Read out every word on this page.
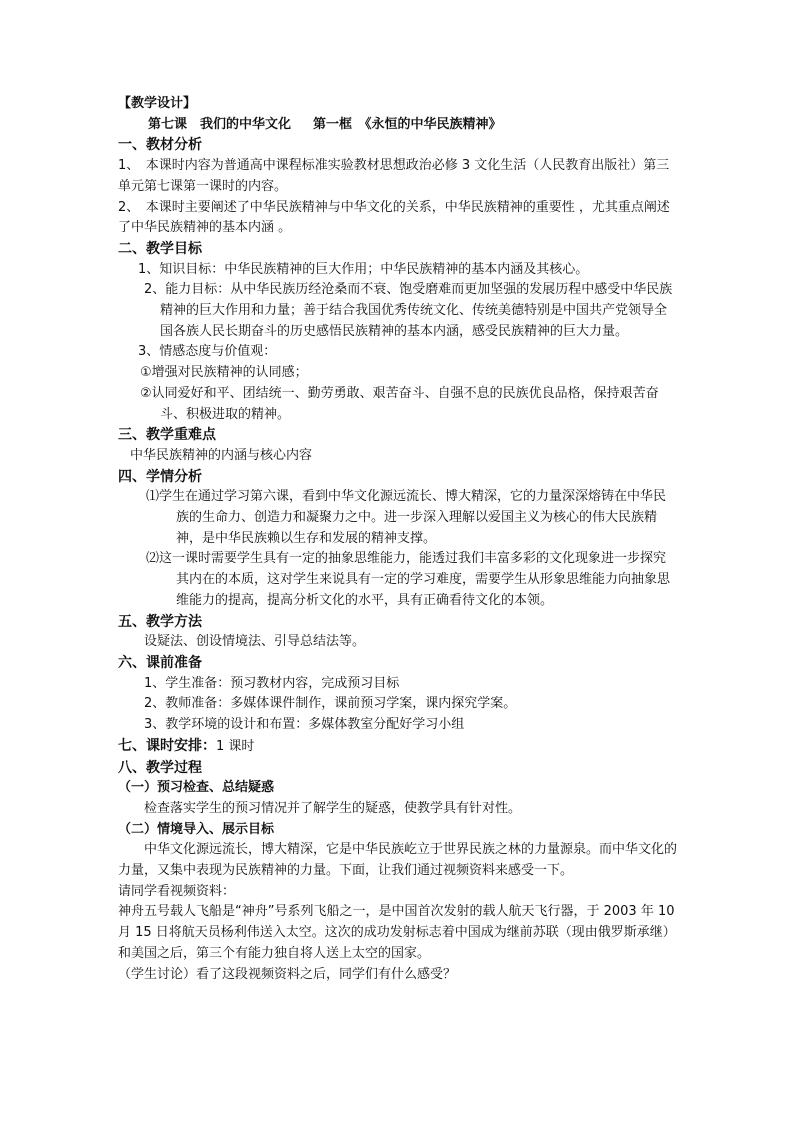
【教学设计】

第七课　我们的中华文化 第一框　《永恒的中华民族精神》

一、教材分析

1、　本课时内容为普通高中课程标准实验教材思想政治必修 3 文化生活（人民教育出版社）第三单元第七课第一课时的内容。

2、　本课时主要阐述了中华民族精神与中华文化的关系，中华民族精神的重要性 ，尤其重点阐述了中华民族精神的基本内涵 。

二、教学目标

1、知识目标：中华民族精神的巨大作用；中华民族精神的基本内涵及其核心。

2、能力目标：从中华民族历经沧桑而不衰、饱受磨难而更加坚强的发展历程中感受中华民族精神的巨大作用和力量；善于结合我国优秀传统文化、传统美德特别是中国共产党领导全国各族人民长期奋斗的历史感悟民族精神的基本内涵，感受民族精神的巨大力量。

3、情感态度与价值观：

①增强对民族精神的认同感；

②认同爱好和平、团结统一、勤劳勇敢、艰苦奋斗、自强不息的民族优良品格，保持艰苦奋斗、积极进取的精神。

三、教学重难点

中华民族精神的内涵与核心内容

四、学情分析

⑴学生在通过学习第六课，看到中华文化源远流长、博大精深，它的力量深深熔铸在中华民族的生命力、创造力和凝聚力之中。进一步深入理解以爱国主义为核心的伟大民族精神，是中华民族赖以生存和发展的精神支撑。

⑵这一课时需要学生具有一定的抽象思维能力，能透过我们丰富多彩的文化现象进一步探究其内在的本质，这对学生来说具有一定的学习难度，需要学生从形象思维能力向抽象思维能力的提高，提高分析文化的水平，具有正确看待文化的本领。

五、教学方法

设疑法、创设情境法、引导总结法等。

六、课前准备

1、学生准备：预习教材内容，完成预习目标

2、教师准备：多媒体课件制作，课前预习学案，课内探究学案。

3、教学环境的设计和布置：多媒体教室分配好学习小组

七、课时安排：1 课时

八、教学过程

（一）预习检查、总结疑惑

检查落实学生的预习情况并了解学生的疑惑，使教学具有针对性。

（二）情境导入、展示目标

中华文化源远流长，博大精深，它是中华民族屹立于世界民族之林的力量源泉。而中华文化的力量，又集中表现为民族精神的力量。下面，让我们通过视频资料来感受一下。

请同学看视频资料：

神舟五号载人飞船是“神舟”号系列飞船之一，是中国首次发射的载人航天飞行器，于 2003 年 10 月 15 日将航天员杨利伟送入太空。这次的成功发射标志着中国成为继前苏联（现由俄罗斯承继）和美国之后，第三个有能力独自将人送上太空的国家。

（学生讨论）看了这段视频资料之后，同学们有什么感受？
